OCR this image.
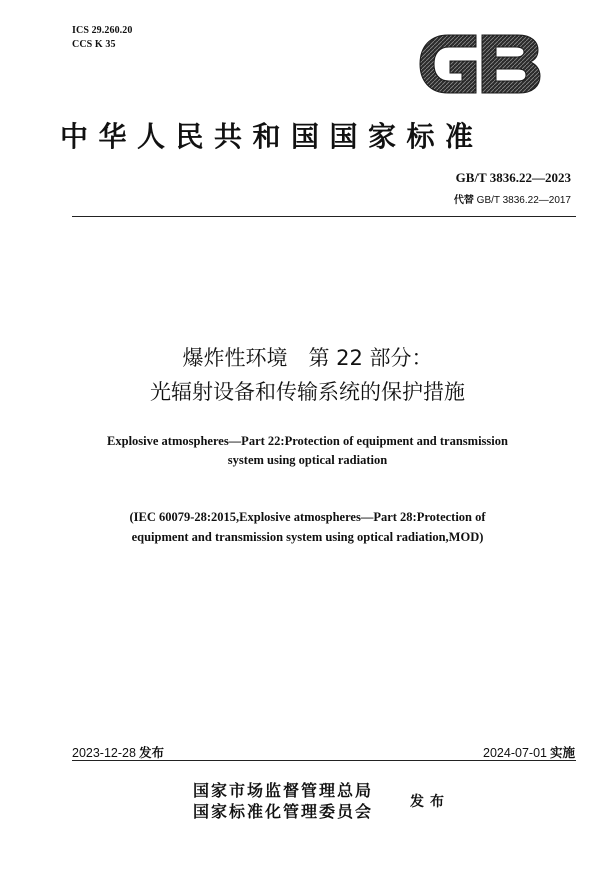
ICS 29.260.20
CCS K 35
中华人民共和国国家标准
GB/T 3836.22—2023
代替 GB/T 3836.22—2017
爆炸性环境　第 22 部分：
光辐射设备和传输系统的保护措施
Explosive atmospheres—Part 22:Protection of equipment and transmission
system using optical radiation
(IEC 60079-28:2015,Explosive atmospheres—Part 28:Protection of
equipment and transmission system using optical radiation,MOD)
2023-12-28 发布	2024-07-01 实施
国家市场监督管理总局
国家标准化管理委员会	发布
